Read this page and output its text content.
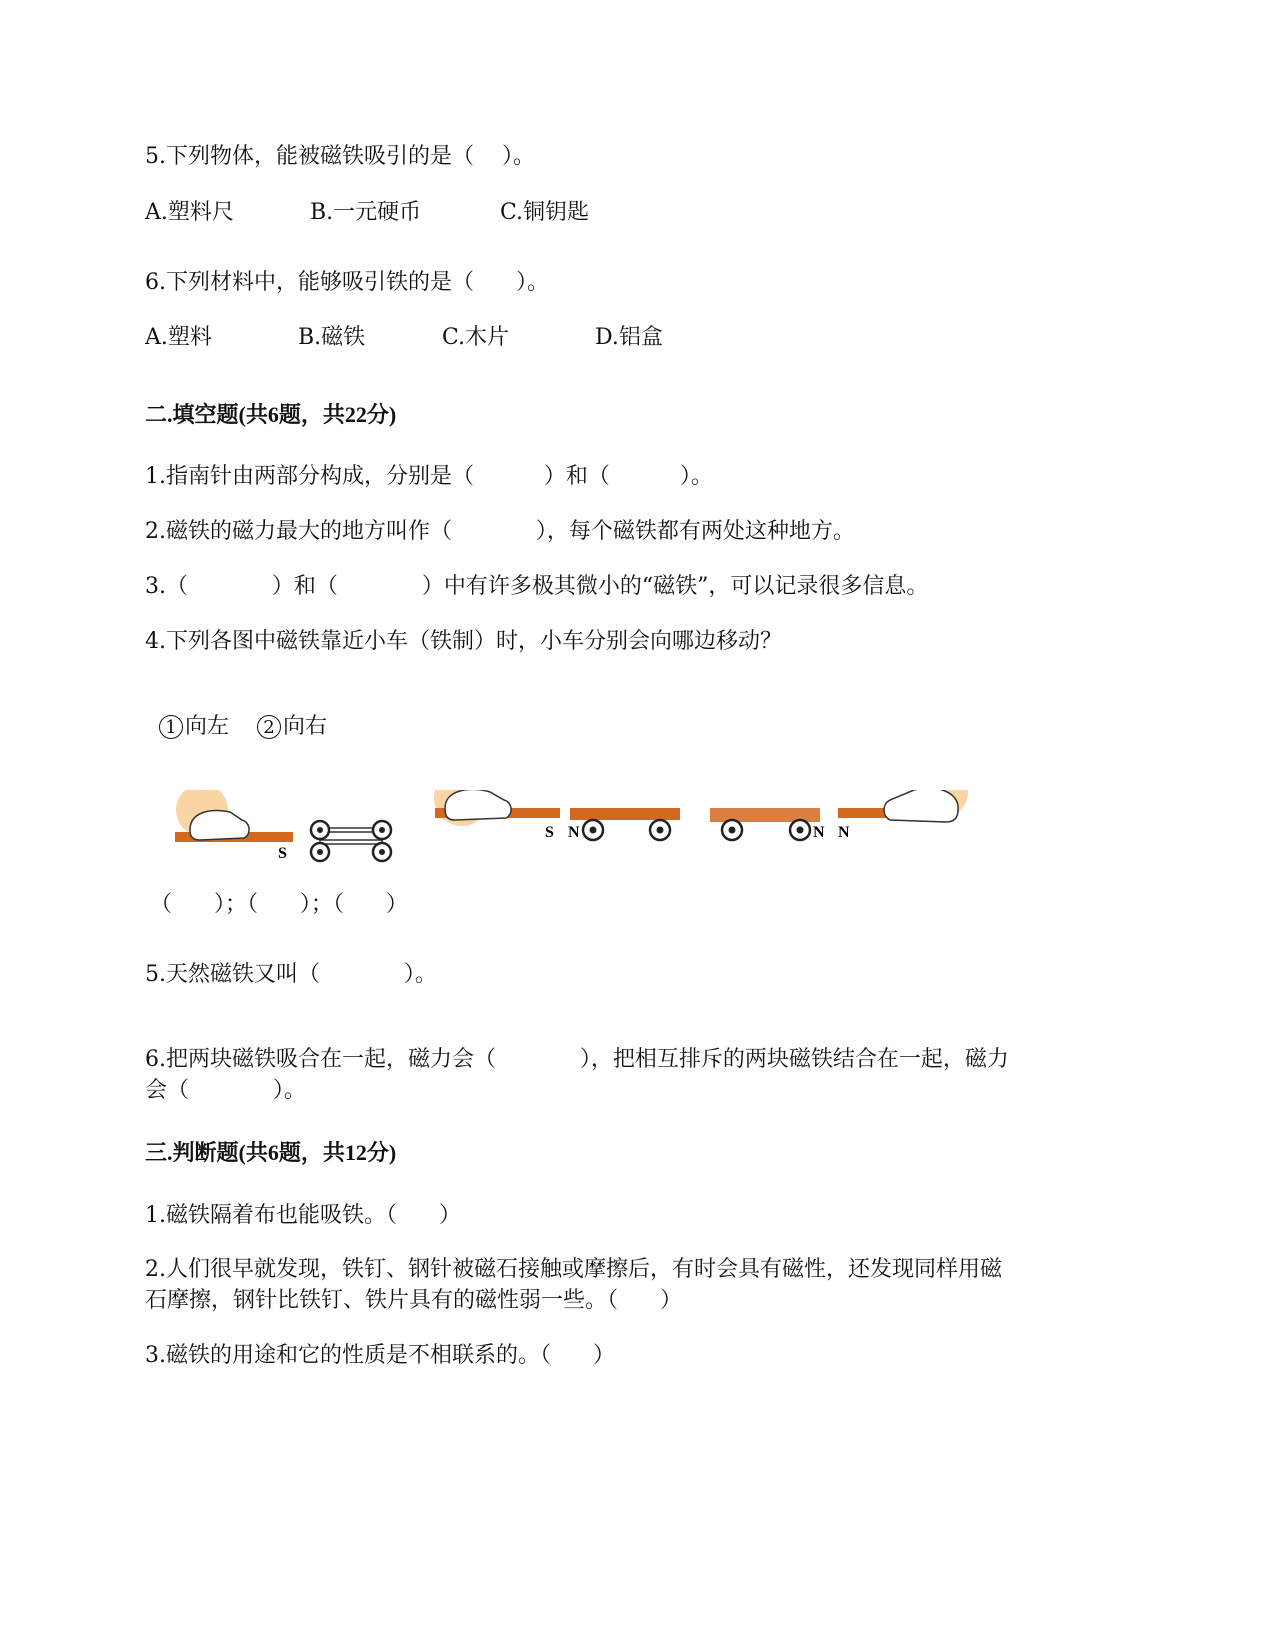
5.下列物体，能被磁铁吸引的是（    ）。
A.塑料尺	B.一元硬币	C.铜钥匙
6.下列材料中，能够吸引铁的是（      ）。
A.塑料	B.磁铁	C.木片	D.铝盒
二.填空题(共6题，共22分)
1.指南针由两部分构成，分别是（          ）和（          ）。
2.磁铁的磁力最大的地方叫作（            ），每个磁铁都有两处这种地方。
3.（            ）和（            ）中有许多极其微小的“磁铁”，可以记录很多信息。
4.下列各图中磁铁靠近小车（铁制）时，小车分别会向哪边移动？

1 向左 2 向右

S
S N	N N
（      ）；（      ）；（      ）
5.天然磁铁又叫（            ）。
6.把两块磁铁吸合在一起，磁力会（            ），把相互排斥的两块磁铁结合在一起，磁力
会（            ）。
三.判断题(共6题，共12分)
1.磁铁隔着布也能吸铁。（      ）
2.人们很早就发现，铁钉、钢针被磁石接触或摩擦后，有时会具有磁性，还发现同样用磁
石摩擦，钢针比铁钉、铁片具有的磁性弱一些。（      ）
3.磁铁的用途和它的性质是不相联系的。（      ）
